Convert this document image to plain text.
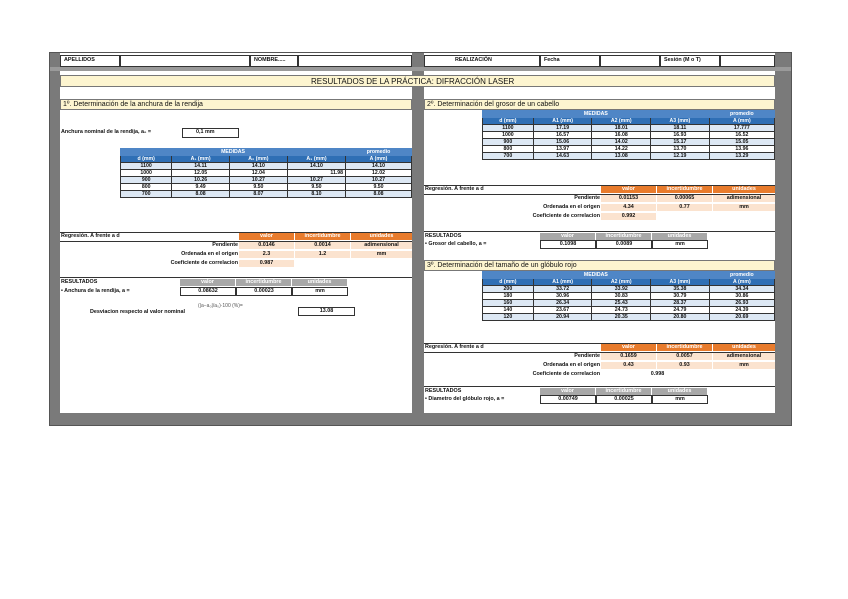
APELLIDOS	NOMBRE.....	REALIZACIÓN	Fecha	Sesión (M o T)
RESULTADOS DE LA PRÁCTICA: DIFRACCIÓN LASER
1º. Determinación de la anchura de la rendija
Anchura nominal de la rendija, a₀ =	0,1 mm
MEDIDAS				promedio
d (mm)	A₁ (mm)	A₂ (mm)	A₃ (mm)	A (mm)
1100	14.11	14.10	14.10	14.10
1000	12.05	12.04	11.98	12.02
900	10.26	10.27	10.27	10.27
800	9.49	9.50	9.50	9.50
700	8.08	8.07	8.10	8.08
Regresión. A frente a d	valor	incertidumbre	unidades
Pendiente	0.0146	0.0014	adimensional
Ordenada en el origen	2.3	1.2	mm
Coeficiente de correlacion	0.987
RESULTADOS	valor	incertidumbre	unidades
• Anchura de la rendija, a =	0.08632	0.00023	mm
Desviacion respecto al valor nominal
(|a−a₀|/a₀)·100 (%)=
13.08
2º. Determinación del grosor de un cabello
MEDIDAS				promedio
d (mm)	A1 (mm)	A2 (mm)	A3 (mm)	A (mm)
1100	17.19	18.01	18.11	17.777
1000	16.57	16.08	16.93	16.52
900	15.06	14.02	15.17	15.05
800	13.97	14.22	13.70	13.96
700	14.63	13.08	12.19	13.29
Regresión. A frente a d	valor	incertidumbre	unidades
Pendiente	0.01153	0.00065	adimensional
Ordenada en el origen	4.34	0.77	mm
Coeficiente de correlacion	0.992
RESULTADOS	valor	incertidumbre	unidades
• Grosor del cabello, a =	0.1098	0.0089	mm
3º. Determinación del tamaño de un glóbulo rojo
MEDIDAS				promedio
d (mm)	A1 (mm)	A2 (mm)	A3 (mm)	A (mm)
200	33.72	33.92	35.38	34.34
180	30.96	30.83	30.79	30.86
160	26.34	25.43	28.37	26.93
140	23.67	24.73	24.79	24.39
120	20.94	20.35	20.80	20.69
Regresión. A frente a d	valor	incertidumbre	unidades
Pendiente	0.1659	0.0057	adimensional
Ordenada en el origen	0.43	0.93	mm
Coeficiente de correlacion	0.998
RESULTADOS	valor	incertidumbre	unidades
• Diametro del glóbulo rojo, a =	0.00749	0.00025	mm
